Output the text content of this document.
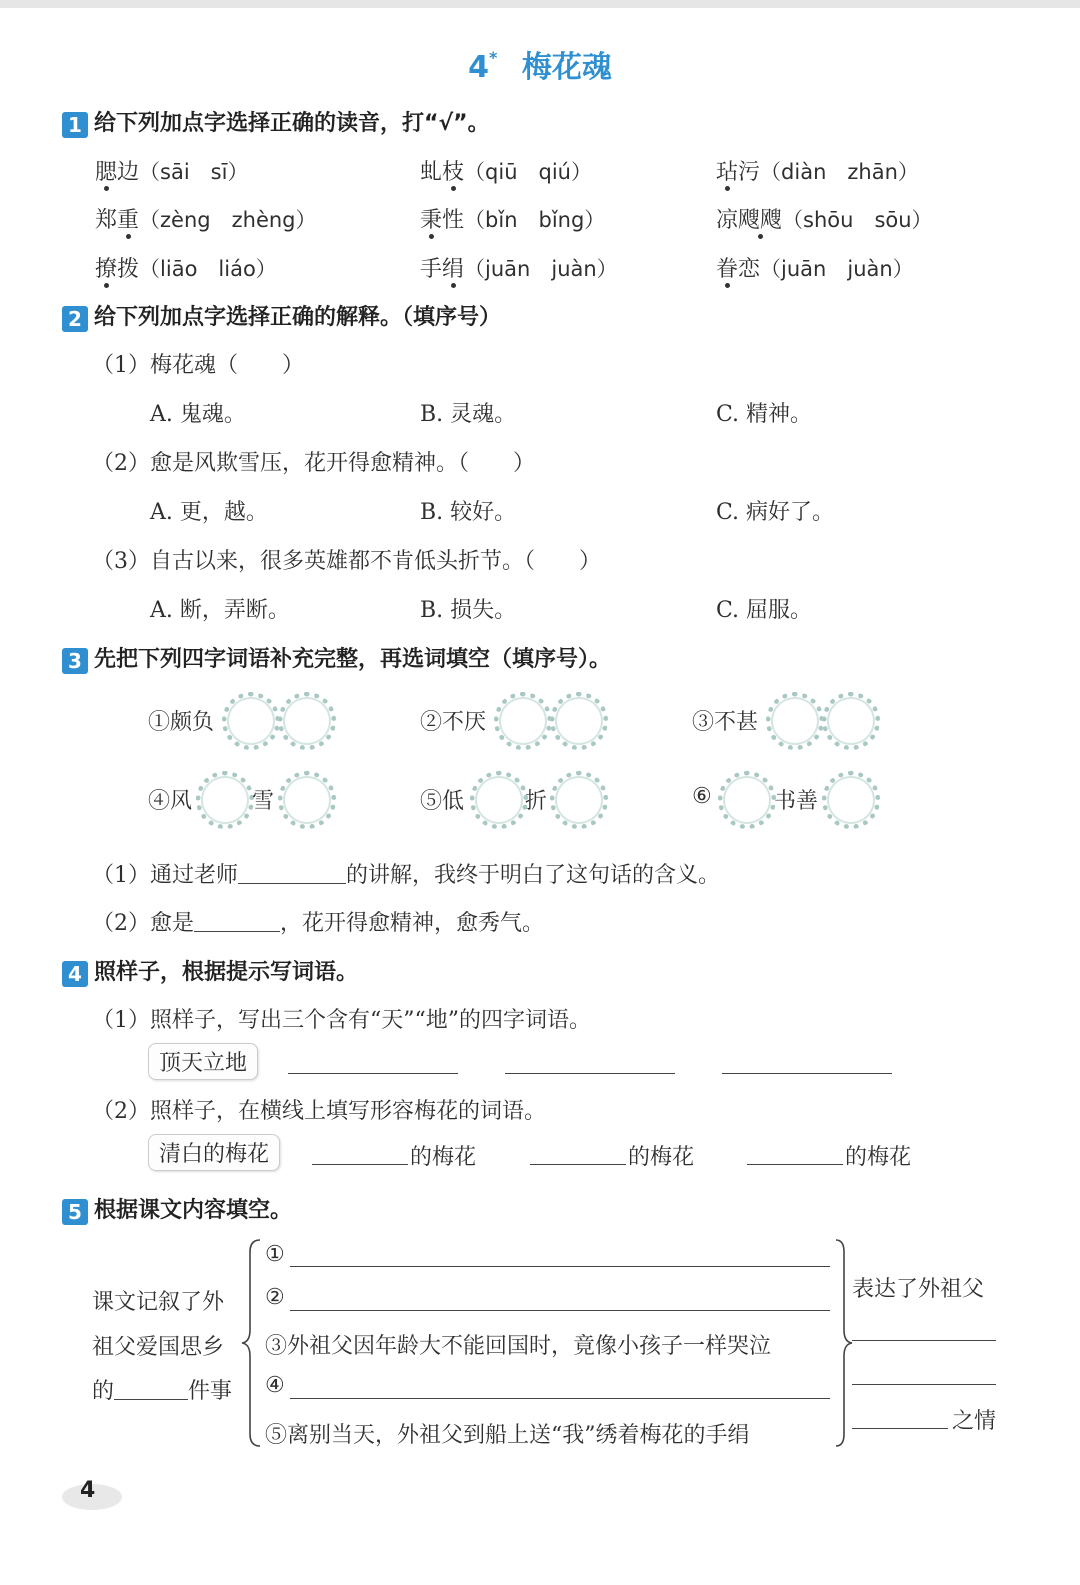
4* 梅花魂
1 给下列加点字选择正确的读音，打“√”。
腮边（sāi　sī）	虬枝（qiū　qiú）	玷污（diàn　zhān）
郑重（zèng　zhèng）	秉性（bǐn　bǐng）	凉飕飕（shōu　sōu）
撩拨（liāo　liáo）	手绢（juān　juàn）	眷恋（juān　juàn）
2 给下列加点字选择正确的解释。（填序号）
（1）梅花魂（　　）
A. 鬼魂。	B. 灵魂。	C. 精神。
（2）愈是风欺雪压，花开得愈精神。（　　）
A. 更，越。	B. 较好。	C. 病好了。
（3）自古以来，很多英雄都不肯低头折节。（　　）
A. 断，弄断。	B. 损失。	C. 屈服。
3 先把下列四字词语补充完整，再选词填空（填序号）。
①颇负	②不厌	③不甚
④风	雪	⑤低	折	⑥	书善
（1）通过老师	的讲解，我终于明白了这句话的含义。
（2）愈是	，花开得愈精神，愈秀气。
4 照样子，根据提示写词语。
（1）照样子，写出三个含有“天”“地”的四字词语。
顶天立地
（2）照样子，在横线上填写形容梅花的词语。
清白的梅花	的梅花	的梅花	的梅花
5 根据课文内容填空。
课文记叙了外
祖父爱国思乡
的	件事
①
②
③外祖父因年龄大不能回国时，竟像小孩子一样哭泣
④
⑤离别当天，外祖父到船上送“我”绣着梅花的手绢
表达了外祖父
之情
4
